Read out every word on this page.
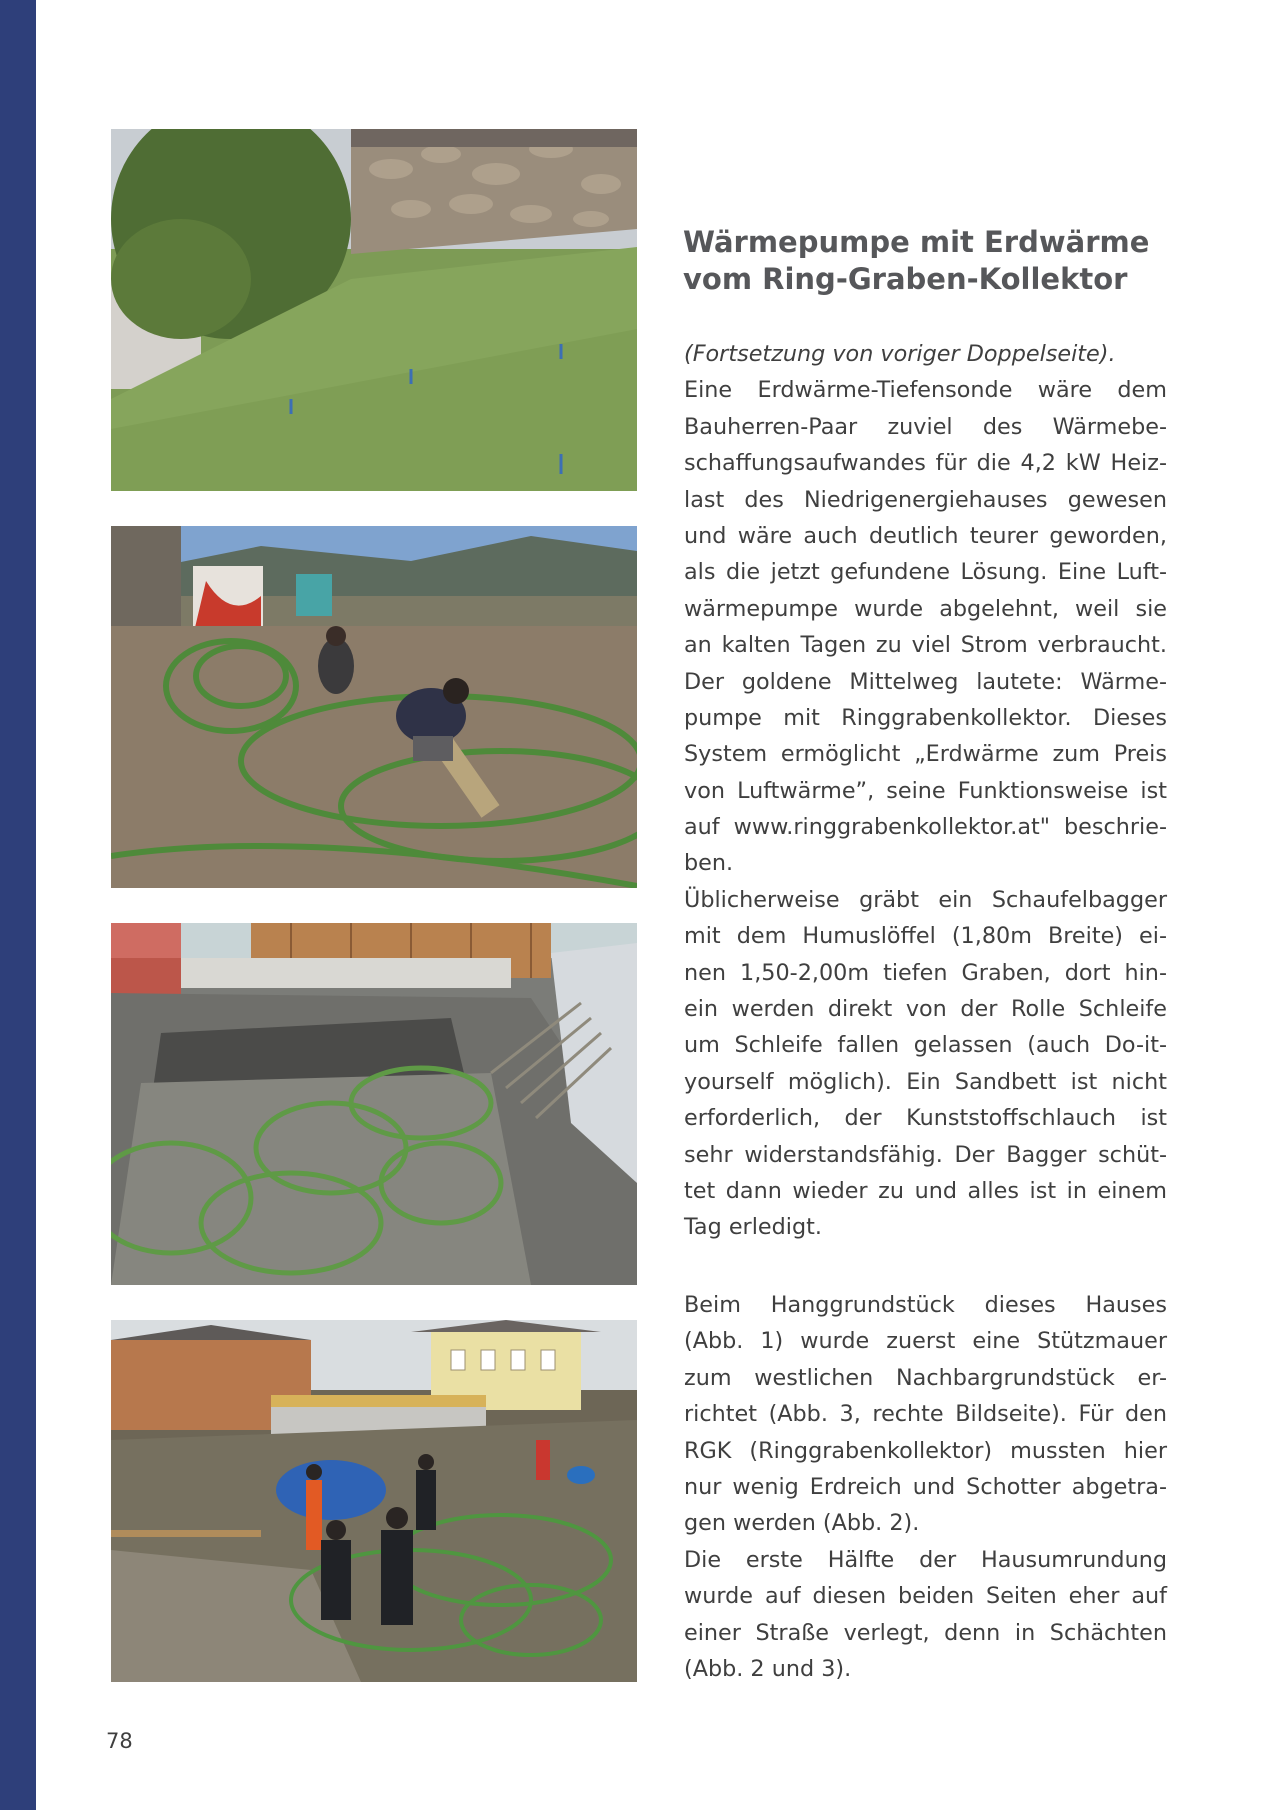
Wärmepumpe mit Erdwärme
vom Ring-Graben-Kollektor
(Fortsetzung von voriger Doppelseite).
Eine Erdwärme-Tiefensonde wäre dem
Bauherren-Paar zuviel des Wärmebe-
schaffungsaufwandes für die 4,2 kW Heiz-
last des Niedrigenergiehauses gewesen
und wäre auch deutlich teurer geworden,
als die jetzt gefundene Lösung. Eine Luft-
wärmepumpe wurde abgelehnt, weil sie
an kalten Tagen zu viel Strom verbraucht.
Der goldene Mittelweg lautete: Wärme-
pumpe mit Ringgrabenkollektor. Dieses
System ermöglicht „Erdwärme zum Preis
von Luftwärme”, seine Funktionsweise ist
auf www.ringgrabenkollektor.at" beschrie-
ben.
Üblicherweise gräbt ein Schaufelbagger
mit dem Humuslöffel (1,80m Breite) ei-
nen 1,50-2,00m tiefen Graben, dort hin-
ein werden direkt von der Rolle Schleife
um Schleife fallen gelassen (auch Do-it-
yourself möglich). Ein Sandbett ist nicht
erforderlich, der Kunststoffschlauch ist
sehr widerstandsfähig. Der Bagger schüt-
tet dann wieder zu und alles ist in einem
Tag erledigt.
Beim Hanggrundstück dieses Hauses
(Abb. 1) wurde zuerst eine Stützmauer
zum westlichen Nachbargrundstück er-
richtet (Abb. 3, rechte Bildseite). Für den
RGK (Ringgrabenkollektor) mussten hier
nur wenig Erdreich und Schotter abgetra-
gen werden (Abb. 2).
Die erste Hälfte der Hausumrundung
wurde auf diesen beiden Seiten eher auf
einer Straße verlegt, denn in Schächten
(Abb. 2 und 3).
78
